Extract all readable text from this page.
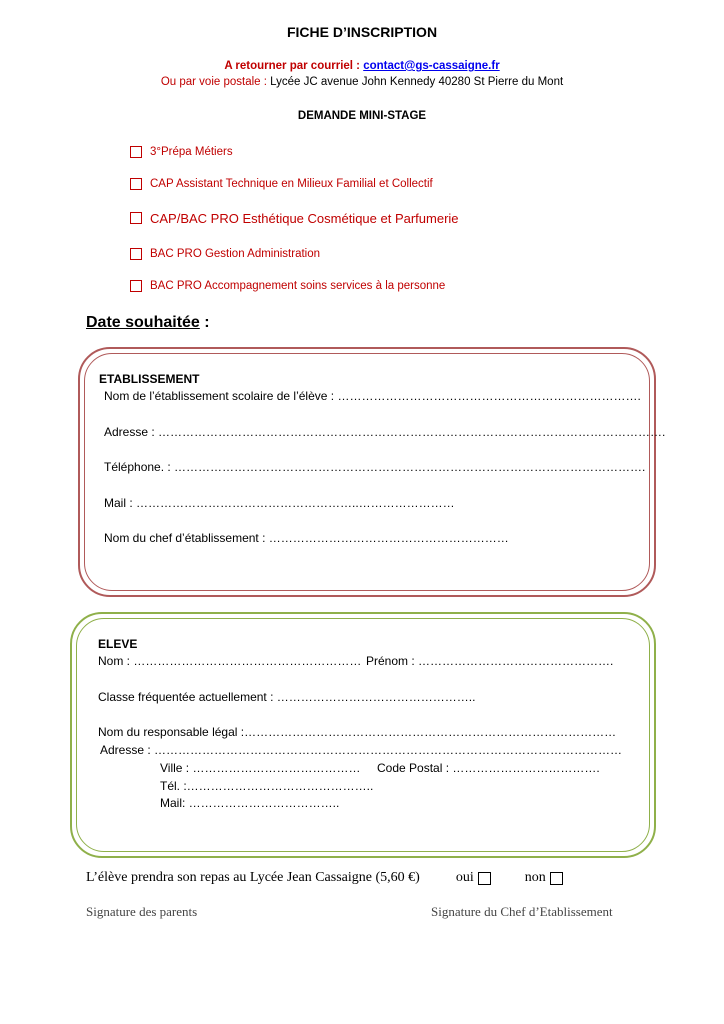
FICHE D’INSCRIPTION
A retourner par courriel : contact@gs-cassaigne.fr
Ou par voie postale : Lycée JC avenue John Kennedy 40280 St Pierre du Mont
DEMANDE MINI-STAGE
3°Prépa Métiers
CAP Assistant Technique en Milieux Familial et Collectif
CAP/BAC PRO Esthétique Cosmétique et Parfumerie
BAC PRO Gestion Administration
BAC PRO Accompagnement soins services à la personne
Date souhaitée :
ETABLISSEMENT
Nom de l’établissement scolaire de l’élève : ………………………………………………………………….
Adresse : ……………………………………………………………………………………………………………….
Téléphone. : ……………………………………………………………………………………………………….
Mail : ………………………………………………..……………………
Nom du chef d’établissement : ……………………………………………………
ELEVE
Nom : ………………………………………………… Prénom : ………………………………………….
Classe fréquentée actuellement : …………………………………………..
Nom du responsable légal :…………………………………………………………………………………
Adresse : ………………………………………………………………………………………………………
Ville : …………………………………… Code Postal : ……………………………….
Tél. :………………………………………..
Mail: ………………………………..
L’élève prendra son repas au Lycée Jean Cassaigne (5,60 €)	oui	non
Signature des parents	Signature du Chef d’Etablissement
